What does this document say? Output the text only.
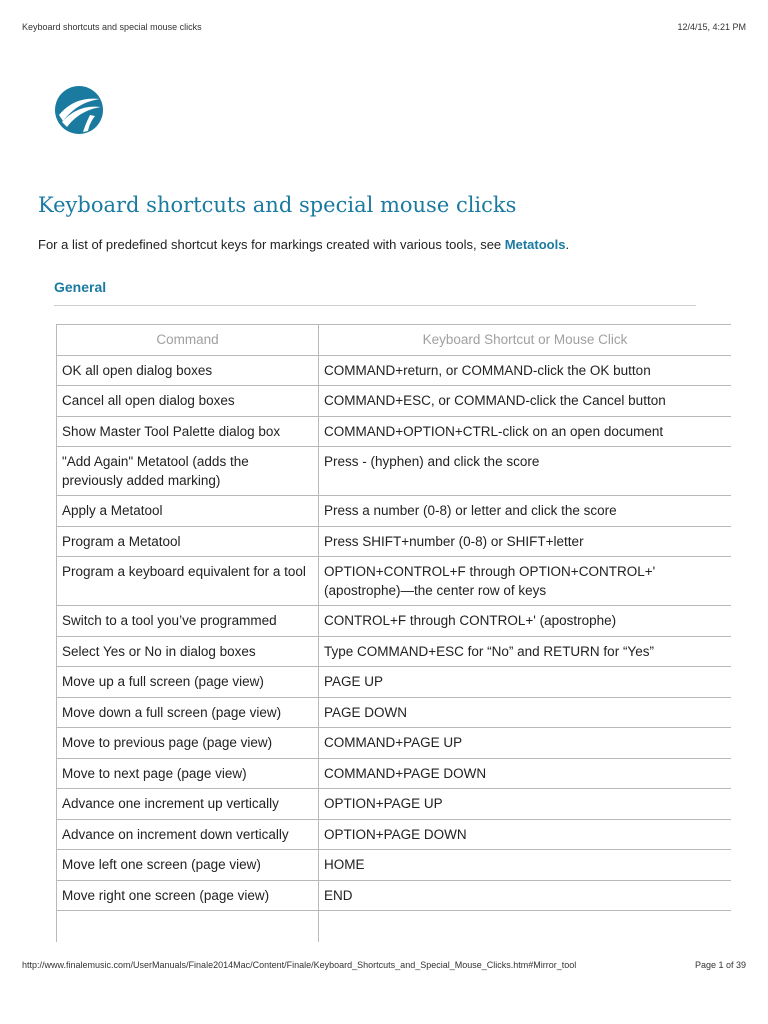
Keyboard shortcuts and special mouse clicks	12/4/15, 4:21 PM
Keyboard shortcuts and special mouse clicks
For a list of predefined shortcut keys for markings created with various tools, see Metatools.
General
Command	Keyboard Shortcut or Mouse Click
OK all open dialog boxes	COMMAND+return, or COMMAND-click the OK button
Cancel all open dialog boxes	COMMAND+ESC, or COMMAND-click the Cancel button
Show Master Tool Palette dialog box	COMMAND+OPTION+CTRL-click on an open document
"Add Again" Metatool (adds the previously added marking)	Press - (hyphen) and click the score
Apply a Metatool	Press a number (0-8) or letter and click the score
Program a Metatool	Press SHIFT+number (0-8) or SHIFT+letter
Program a keyboard equivalent for a tool	OPTION+CONTROL+F through OPTION+CONTROL+' (apostrophe)—the center row of keys
Switch to a tool you’ve programmed	CONTROL+F through CONTROL+' (apostrophe)
Select Yes or No in dialog boxes	Type COMMAND+ESC for “No” and RETURN for “Yes”
Move up a full screen (page view)	PAGE UP
Move down a full screen (page view)	PAGE DOWN
Move to previous page (page view)	COMMAND+PAGE UP
Move to next page (page view)	COMMAND+PAGE DOWN
Advance one increment up vertically	OPTION+PAGE UP
Advance on increment down vertically	OPTION+PAGE DOWN
Move left one screen (page view)	HOME
Move right one screen (page view)	END

http://www.finalemusic.com/UserManuals/Finale2014Mac/Content/Finale/Keyboard_Shortcuts_and_Special_Mouse_Clicks.htm#Mirror_tool	Page 1 of 39
